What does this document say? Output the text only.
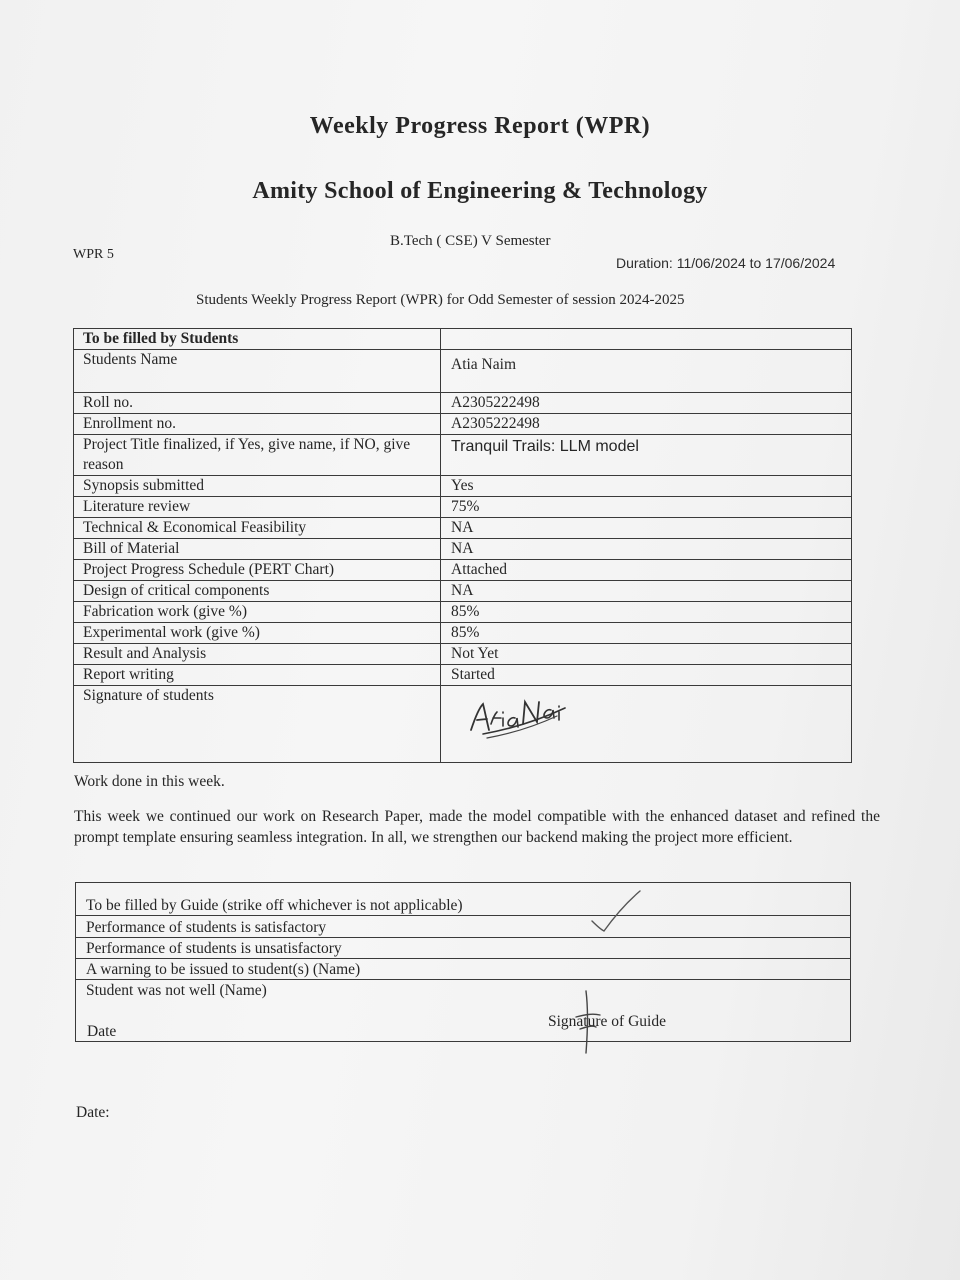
Weekly Progress Report (WPR)
Amity School of Engineering & Technology
B.Tech ( CSE) V Semester
WPR 5
Duration: 11/06/2024 to 17/06/2024
Students Weekly Progress Report (WPR) for Odd Semester of session 2024-2025
To be filled by Students	
Students Name	Atia Naim
Roll no.	A2305222498
Enrollment no.	A2305222498
Project Title finalized, if Yes, give name, if NO, give reason	Tranquil Trails: LLM model
Synopsis submitted	Yes
Literature review	75%
Technical & Economical Feasibility	NA
Bill of Material	NA
Project Progress Schedule (PERT Chart)	Attached
Design of critical components	NA
Fabrication work (give %)	85%
Experimental work (give %)	85%
Result and Analysis	Not Yet
Report writing	Started
Signature of students	
Work done in this week.
This week we continued our work on Research Paper, made the model compatible with the enhanced dataset and refined the prompt template ensuring seamless integration. In all, we strengthen our backend making the project more efficient.
To be filled by Guide (strike off whichever is not applicable)
Performance of students is satisfactory
Performance of students is unsatisfactory
A warning to be issued to student(s) (Name)
Student was not well (Name)
Date
Signature of Guide
Date:
